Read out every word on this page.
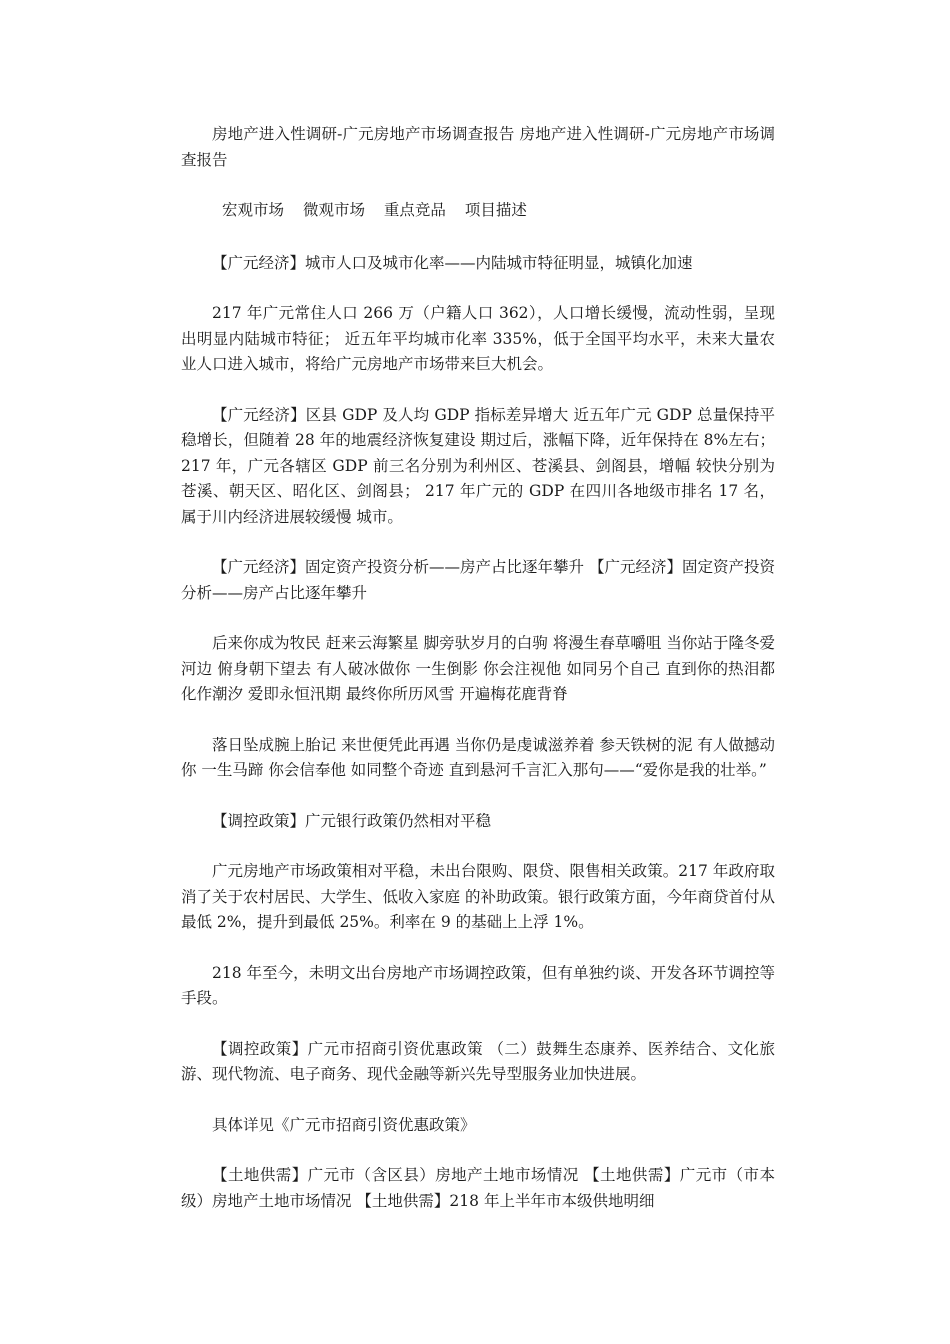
房地产进入性调研-广元房地产市场调查报告 房地产进入性调研-广元房地产市场调查报告

宏观市场 微观市场 重点竞品 项目描述

【广元经济】城市人口及城市化率——内陆城市特征明显，城镇化加速

217 年广元常住人口 266 万（户籍人口 362），人口增长缓慢，流动性弱，呈现出明显内陆城市特征； 近五年平均城市化率 335%，低于全国平均水平，未来大量农业人口进入城市，将给广元房地产市场带来巨大机会。

【广元经济】区县 GDP 及人均 GDP 指标差异增大 近五年广元 GDP 总量保持平稳增长，但随着 28 年的地震经济恢复建设 期过后，涨幅下降，近年保持在 8%左右； 217 年，广元各辖区 GDP 前三名分别为利州区、苍溪县、剑阁县，增幅 较快分别为苍溪、朝天区、昭化区、剑阁县； 217 年广元的 GDP 在四川各地级市排名 17 名，属于川内经济进展较缓慢 城市。

【广元经济】固定资产投资分析——房产占比逐年攀升 【广元经济】固定资产投资分析——房产占比逐年攀升

后来你成为牧民 赶来云海繁星 脚旁驮岁月的白驹 将漫生春草嚼咀 当你站于隆冬爱河边 俯身朝下望去 有人破冰做你 一生倒影 你会注视他 如同另个自己 直到你的热泪都化作潮汐 爱即永恒汛期 最终你所历风雪 开遍梅花鹿背脊

落日坠成腕上胎记 来世便凭此再遇 当你仍是虔诚滋养着 参天铁树的泥 有人做撼动你 一生马蹄 你会信奉他 如同整个奇迹 直到悬河千言汇入那句——“爱你是我的壮举。”

【调控政策】广元银行政策仍然相对平稳

广元房地产市场政策相对平稳，未出台限购、限贷、限售相关政策。217 年政府取消了关于农村居民、大学生、低收入家庭 的补助政策。银行政策方面，今年商贷首付从最低 2%，提升到最低 25%。利率在 9 的基础上上浮 1%。

218 年至今，未明文出台房地产市场调控政策，但有单独约谈、开发各环节调控等手段。

【调控政策】广元市招商引资优惠政策 （二）鼓舞生态康养、医养结合、文化旅游、现代物流、电子商务、现代金融等新兴先导型服务业加快进展。

具体详见《广元市招商引资优惠政策》

【土地供需】广元市（含区县）房地产土地市场情况 【土地供需】广元市（市本级）房地产土地市场情况 【土地供需】218 年上半年市本级供地明细
